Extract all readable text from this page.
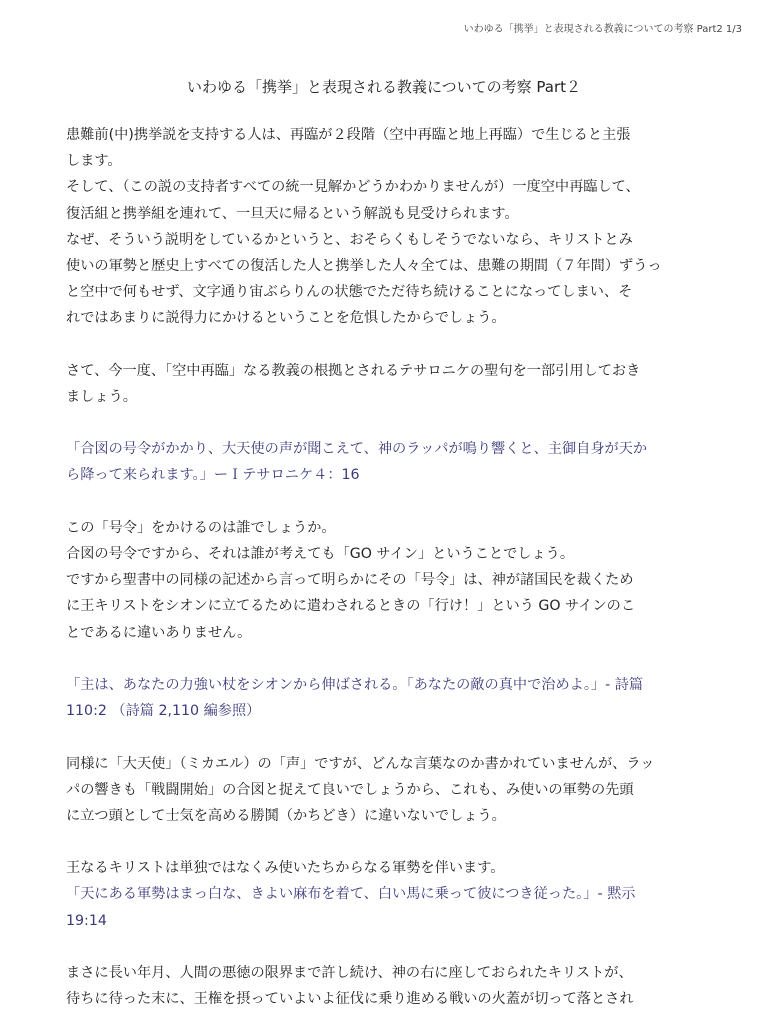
いわゆる「携挙」と表現される教義についての考察 Part2 1/3
いわゆる「携挙」と表現される教義についての考察 Part２
患難前(中)携挙説を支持する人は、再臨が２段階（空中再臨と地上再臨）で生じると主張
します。
そして、（この説の支持者すべての統一見解かどうかわかりませんが）一度空中再臨して、
復活組と携挙組を連れて、一旦天に帰るという解説も見受けられます。
なぜ、そういう説明をしているかというと、おそらくもしそうでないなら、キリストとみ
使いの軍勢と歴史上すべての復活した人と携挙した人々全ては、患難の期間（７年間）ずうっ
と空中で何もせず、文字通り宙ぶらりんの状態でただ待ち続けることになってしまい、そ
れではあまりに説得力にかけるということを危惧したからでしょう。
さて、今一度、「空中再臨」なる教義の根拠とされるテサロニケの聖句を一部引用しておき
ましょう。
「合図の号令がかかり、大天使の声が聞こえて、神のラッパが鳴り響くと、主御自身が天か
ら降って来られます。」ーＩテサロニケ４：16
この「号令」をかけるのは誰でしょうか。
合図の号令ですから、それは誰が考えても「GO サイン」ということでしょう。
ですから聖書中の同様の記述から言って明らかにその「号令」は、神が諸国民を裁くため
に王キリストをシオンに立てるために遣わされるときの「行け！」という GO サインのこ
とであるに違いありません。
「主は、あなたの力強い杖をシオンから伸ばされる。「あなたの敵の真中で治めよ。」- 詩篇
110:2 （詩篇 2,110 編参照）
同様に「大天使」（ミカエル）の「声」ですが、どんな言葉なのか書かれていませんが、ラッ
パの響きも「戦闘開始」の合図と捉えて良いでしょうから、これも、み使いの軍勢の先頭
に立つ頭として士気を高める勝鬨（かちどき）に違いないでしょう。
王なるキリストは単独ではなくみ使いたちからなる軍勢を伴います。
「天にある軍勢はまっ白な、きよい麻布を着て、白い馬に乗って彼につき従った。」- 黙示
19:14
まさに長い年月、人間の悪徳の限界まで許し続け、神の右に座しておられたキリストが、
待ちに待った末に、王権を摂っていよいよ征伐に乗り進める戦いの火蓋が切って落とされ
